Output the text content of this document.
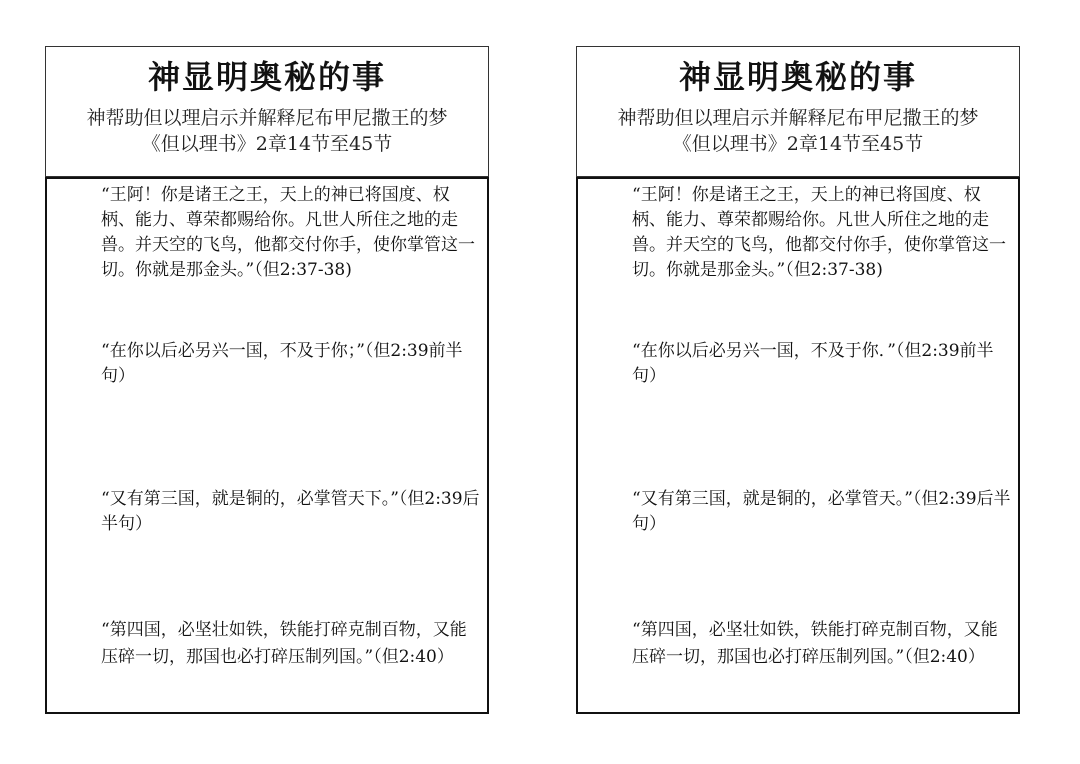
神显明奥秘的事

神帮助但以理启示并解释尼布甲尼撒王的梦

《但以理书》2章14节至45节

“王阿！你是诸王之王，天上的神已将国度、权柄、能力、尊荣都赐给你。凡世人所住之地的走兽。并天空的飞鸟，他都交付你手，使你掌管这一切。你就是那金头。”（但2:37-38)

“在你以后必另兴一国，不及于你；”（但2:39前半句）

“又有第三国，就是铜的，必掌管天下。”（但2:39后半句）

“第四国，必坚壮如铁，铁能打碎克制百物，又能压碎一切，那国也必打碎压制列国。”（但2:40）

神显明奥秘的事

神帮助但以理启示并解释尼布甲尼撒王的梦

《但以理书》2章14节至45节

“王阿！你是诸王之王，天上的神已将国度、权柄、能力、尊荣都赐给你。凡世人所住之地的走兽。并天空的飞鸟，他都交付你手，使你掌管这一切。你就是那金头。”（但2:37-38)

“在你以后必另兴一国，不及于你．”（但2:39前半句）

“又有第三国，就是铜的，必掌管天。”（但2:39后半句）

“第四国，必坚壮如铁，铁能打碎克制百物，又能压碎一切，那国也必打碎压制列国。”（但2:40）
